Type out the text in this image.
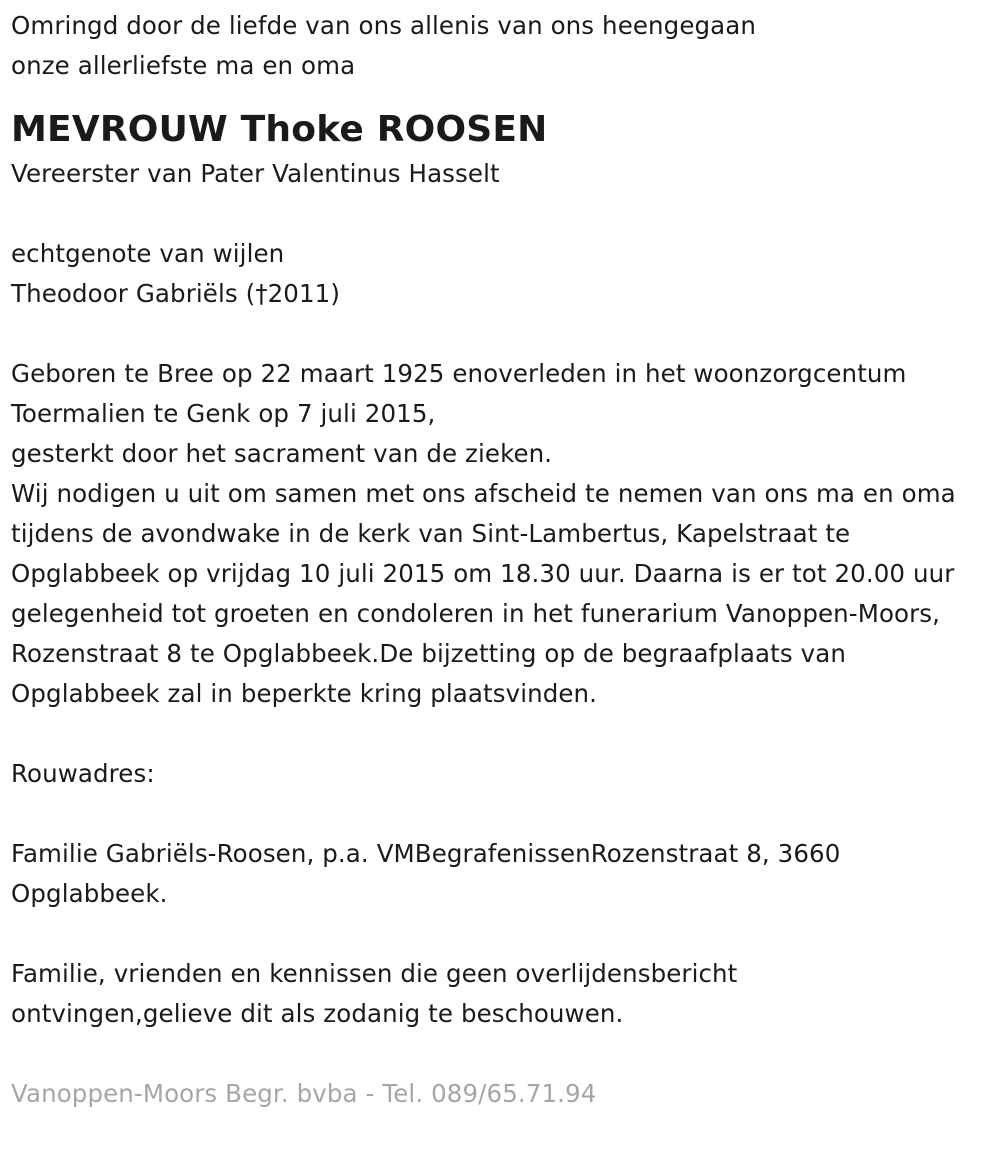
Omringd door de liefde van ons allenis van ons heengegaan
onze allerliefste ma en oma
MEVROUW Thoke ROOSEN
Vereerster van Pater Valentinus Hasselt
echtgenote van wijlen
Theodoor Gabriëls (†2011)
Geboren te Bree op 22 maart 1925 enoverleden in het woonzorgcentum
Toermalien te Genk op 7 juli 2015,
gesterkt door het sacrament van de zieken.
Wij nodigen u uit om samen met ons afscheid te nemen van ons ma en oma tijdens de avondwake in de kerk van Sint-Lambertus, Kapelstraat te Opglabbeek op vrijdag 10 juli 2015 om 18.30 uur. Daarna is er tot 20.00 uur gelegenheid tot groeten en condoleren in het funerarium Vanoppen-Moors, Rozenstraat 8 te Opglabbeek.De bijzetting op de begraafplaats van Opglabbeek zal in beperkte kring plaatsvinden.
Rouwadres:
Familie Gabriëls-Roosen, p.a. VMBegrafenissenRozenstraat 8, 3660
Opglabbeek.
Familie, vrienden en kennissen die geen overlijdensbericht
ontvingen,gelieve dit als zodanig te beschouwen.
Vanoppen-Moors Begr. bvba - Tel. 089/65.71.94
